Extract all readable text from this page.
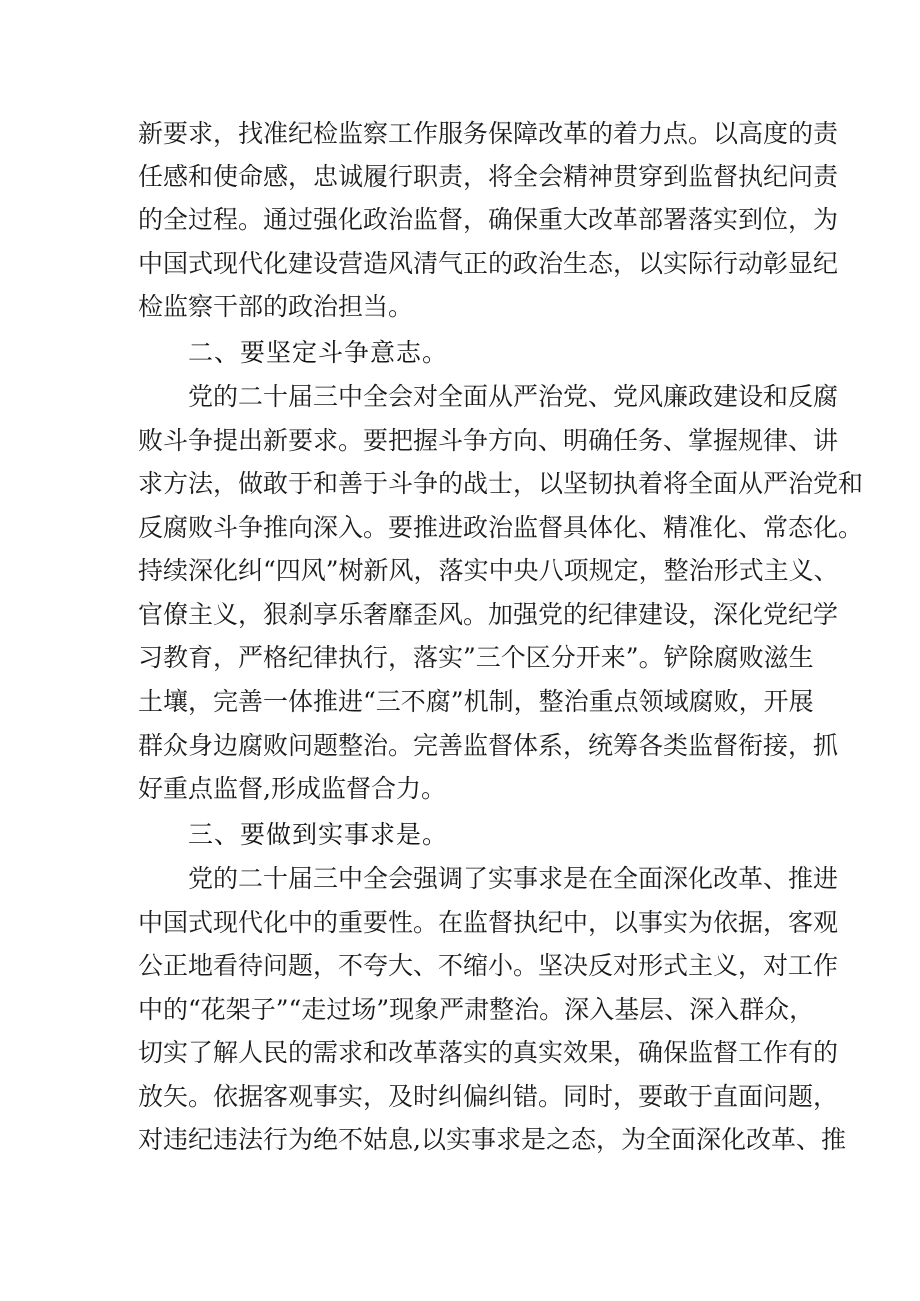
新要求，找准纪检监察工作服务保障改革的着力点。以高度的责
任感和使命感，忠诚履行职责，将全会精神贯穿到监督执纪问责
的全过程。通过强化政治监督，确保重大改革部署落实到位，为
中国式现代化建设营造风清气正的政治生态，以实际行动彰显纪
检监察干部的政治担当。
二、要坚定斗争意志。
党的二十届三中全会对全面从严治党、党风廉政建设和反腐
败斗争提出新要求。要把握斗争方向、明确任务、掌握规律、讲
求方法，做敢于和善于斗争的战士，以坚韧执着将全面从严治党和
反腐败斗争推向深入。要推进政治监督具体化、精准化、常态化。
持续深化纠“四风”树新风，落实中央八项规定，整治形式主义、
官僚主义，狠刹享乐奢靡歪风。加强党的纪律建设，深化党纪学
习教育，严格纪律执行，落实”三个区分开来”。铲除腐败滋生
土壤，完善一体推进“三不腐”机制，整治重点领域腐败，开展
群众身边腐败问题整治。完善监督体系，统筹各类监督衔接，抓
好重点监督,形成监督合力。
三、要做到实事求是。
党的二十届三中全会强调了实事求是在全面深化改革、推进
中国式现代化中的重要性。在监督执纪中，以事实为依据，客观
公正地看待问题，不夸大、不缩小。坚决反对形式主义，对工作
中的“花架子”“走过场”现象严肃整治。深入基层、深入群众，
切实了解人民的需求和改革落实的真实效果，确保监督工作有的
放矢。依据客观事实，及时纠偏纠错。同时，要敢于直面问题，
对违纪违法行为绝不姑息,以实事求是之态，为全面深化改革、推
